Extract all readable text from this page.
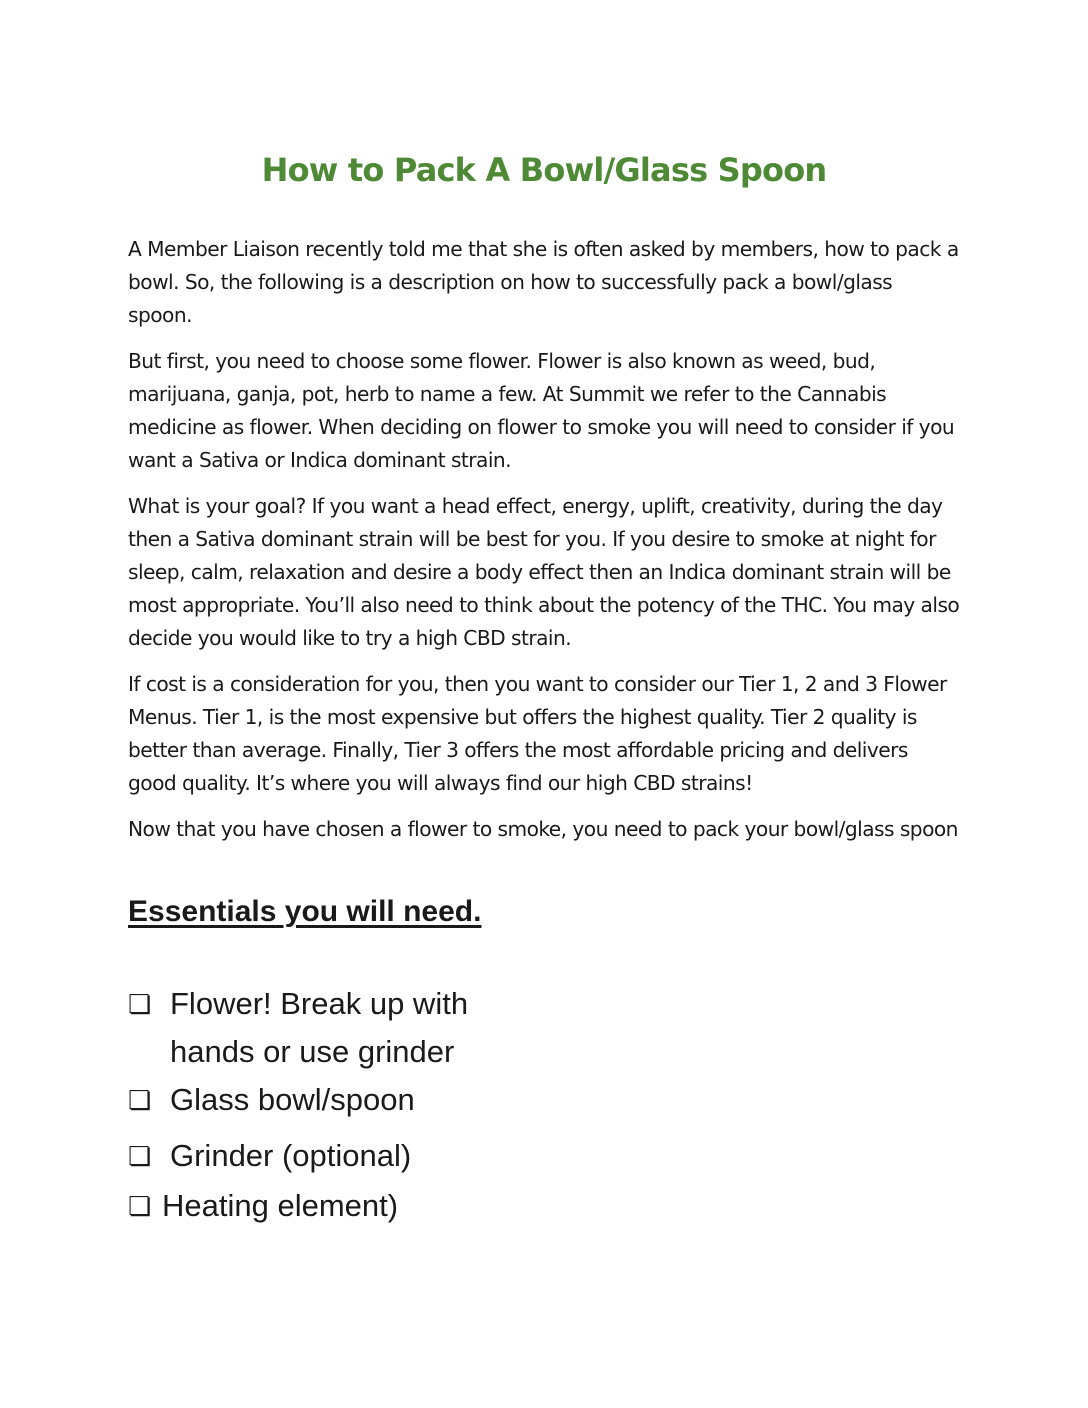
How to Pack A Bowl/Glass Spoon

A Member Liaison recently told me that she is often asked by members, how to pack a bowl. So, the following is a description on how to successfully pack a bowl/glass spoon.

But first, you need to choose some flower. Flower is also known as weed, bud, marijuana, ganja, pot, herb to name a few. At Summit we refer to the Cannabis medicine as flower. When deciding on flower to smoke you will need to consider if you want a Sativa or Indica dominant strain.

What is your goal? If you want a head effect, energy, uplift, creativity, during the day then a Sativa dominant strain will be best for you. If you desire to smoke at night for sleep, calm, relaxation and desire a body effect then an Indica dominant strain will be most appropriate. You’ll also need to think about the potency of the THC. You may also decide you would like to try a high CBD strain.

If cost is a consideration for you, then you want to consider our Tier 1, 2 and 3 Flower Menus. Tier 1, is the most expensive but offers the highest quality. Tier 2 quality is better than average. Finally, Tier 3 offers the most affordable pricing and delivers good quality. It’s where you will always find our high CBD strains!

Now that you have chosen a flower to smoke, you need to pack your bowl/glass spoon

Essentials you will need.
❏ Flower! Break up with hands or use grinder
❏ Glass bowl/spoon
❏ Grinder (optional)
❏ Heating element)
